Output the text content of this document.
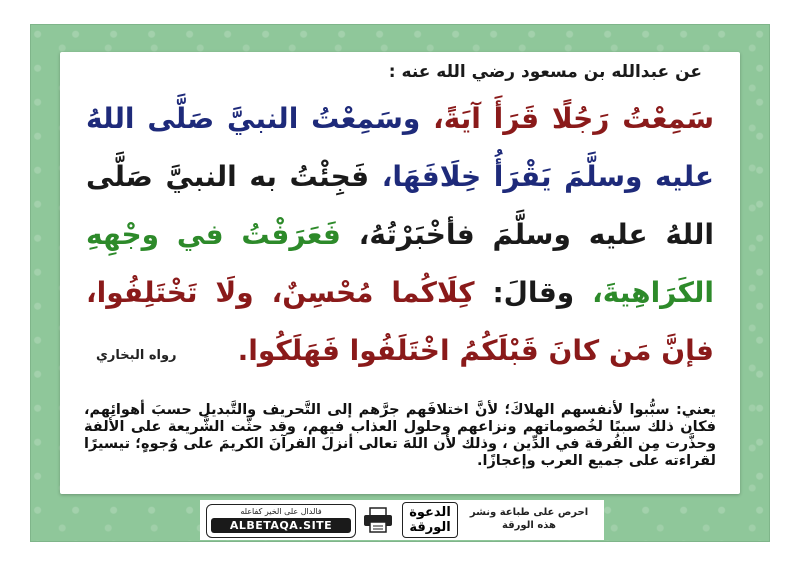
عن عبدالله بن مسعود رضي الله عنه :
سَمِعْتُ رَجُلًا قَرَأَ آيَةً، وسَمِعْتُ النبيَّ صَلَّى اللهُ عليه وسلَّمَ يَقْرَأُ خِلَافَهَا، فَجِئْتُ به النبيَّ صَلَّى اللهُ عليه وسلَّمَ فأخْبَرْتُهُ، فَعَرَفْتُ في وجْهِهِ الكَرَاهِيةَ، وقالَ: كِلَاكُما مُحْسِنٌ، ولَا تَخْتَلِفُوا، فإنَّ مَن كانَ قَبْلَكُمُ اخْتَلَفُوا فَهَلَكُوا.
رواه البخاري
يعني: سبُّبوا لأنفسهم الهلاكَ؛ لأنَّ اختلافَهم جرَّهم إلى التَّحريف والتَّبديل حسبَ أهوائِهم، فكان ذلك سببًا لخُصوماتهم ونزاعهم وحلول العذاب فيهم، وقد حثَّت الشَّريعة على الألفة وحذَّرت مِن الفُرقة في الدِّين ، وذلك لأن اللهَ تعالى أنزلَ القرآنَ الكريمَ على وُجوهٍ؛ تيسيرًا لقراءته على جميع العرب وإعجازًا.
فالدال على الخير كفاعله
ALBETAQA.SITE
الدعوة
الورقة
احرص على طباعة ونشر هذه الورقة
